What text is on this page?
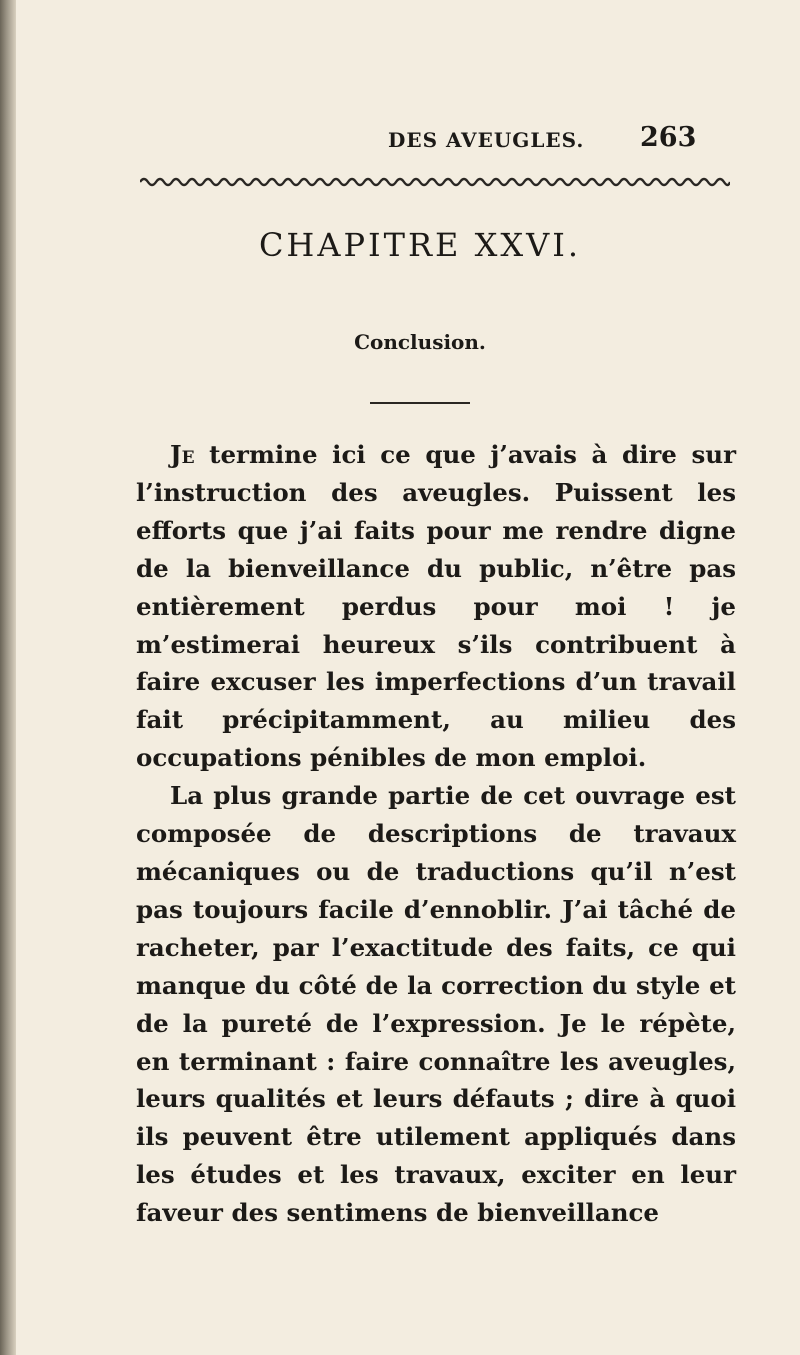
DES AVEUGLES. 263
CHAPITRE XXVI.
Conclusion.

Je termine ici ce que j’avais à dire sur l’instruction des aveugles. Puissent les efforts que j’ai faits pour me rendre digne de la bienveillance du public, n’être pas entièrement perdus pour moi ! je m’estimerai heureux s’ils contribuent à faire excuser les imperfections d’un travail fait précipitamment, au milieu des occupations pénibles de mon emploi.

La plus grande partie de cet ouvrage est composée de descriptions de travaux mécaniques ou de traductions qu’il n’est pas toujours facile d’ennoblir. J’ai tâché de racheter, par l’exactitude des faits, ce qui manque du côté de la correction du style et de la pureté de l’expression. Je le répète, en terminant : faire connaître les aveugles, leurs qualités et leurs défauts ; dire à quoi ils peuvent être utilement appliqués dans les études et les travaux, exciter en leur faveur des sentimens de bienveillance
